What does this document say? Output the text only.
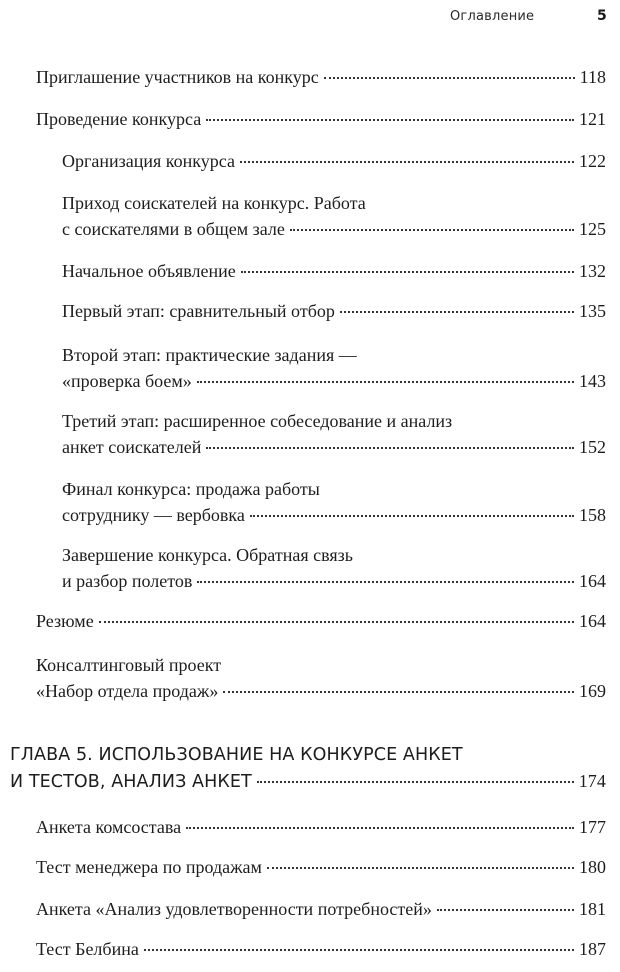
Оглавление	5
Приглашение участников на конкурс	118
Проведение конкурса	121
Организация конкурса	122
Приход соискателей на конкурс. Работа
с соискателями в общем зале	125
Начальное объявление	132
Первый этап: сравнительный отбор	135
Второй этап: практические задания —
«проверка боем»	143
Третий этап: расширенное собеседование и анализ
анкет соискателей	152
Финал конкурса: продажа работы
сотруднику — вербовка	158
Завершение конкурса. Обратная связь
и разбор полетов	164
Резюме	164
Консалтинговый проект
«Набор отдела продаж»	169
ГЛАВА 5. ИСПОЛЬЗОВАНИЕ НА КОНКУРСЕ АНКЕТ
И ТЕСТОВ, АНАЛИЗ АНКЕТ	174
Анкета комсостава	177
Тест менеджера по продажам	180
Анкета «Анализ удовлетворенности потребностей»	181
Тест Белбина	187
